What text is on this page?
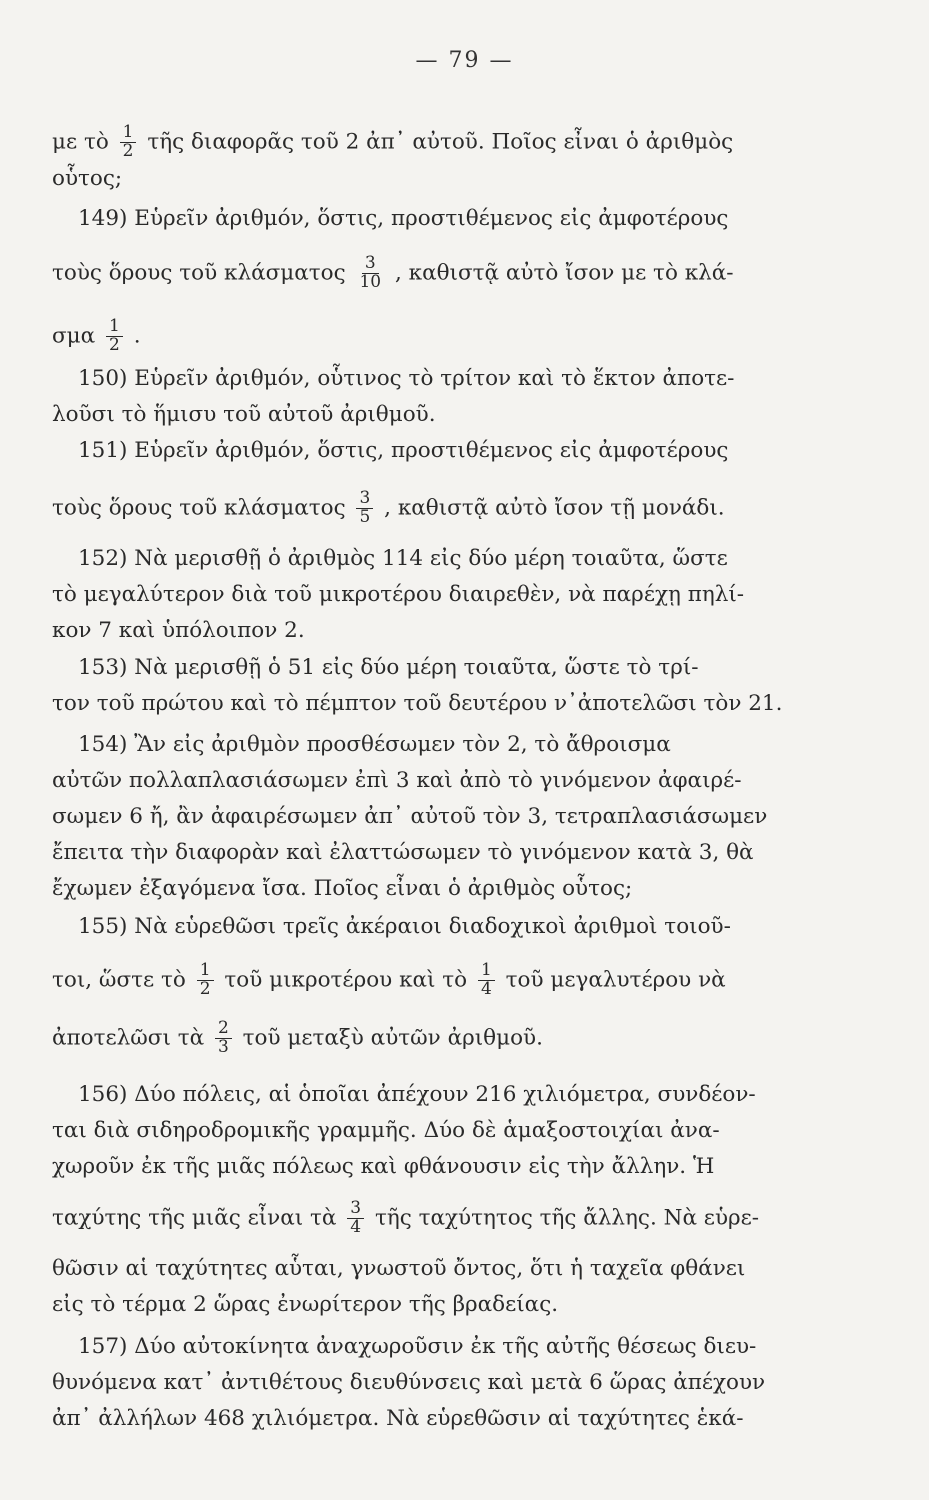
— 79 —
με τὸ $\frac{1}{2}$ τῆς διαφορᾶς τοῦ 2 ἀπ᾽ αὐτοῦ. Ποῖος εἶναι ὁ ἀριθμὸς
οὗτος;
149) Εὑρεῖν ἀριθμόν, ὅστις, προστιθέμενος εἰς ἀμφοτέρους
τοὺς ὅρους τοῦ κλάσματος $\frac{3}{10}$ , καθιστᾷ αὐτὸ ἴσον με τὸ κλά-
σμα $\frac{1}{2}$ .
150) Εὑρεῖν ἀριθμόν, οὗτινος τὸ τρίτον καὶ τὸ ἕκτον ἀποτε-
λοῦσι τὸ ἥμισυ τοῦ αὐτοῦ ἀριθμοῦ.
151) Εὑρεῖν ἀριθμόν, ὅστις, προστιθέμενος εἰς ἀμφοτέρους
τοὺς ὅρους τοῦ κλάσματος $\frac{3}{5}$ , καθιστᾷ αὐτὸ ἴσον τῇ μονάδι.
152) Νὰ μερισθῇ ὁ ἀριθμὸς 114 εἰς δύο μέρη τοιαῦτα, ὥστε
τὸ μεγαλύτερον διὰ τοῦ μικροτέρου διαιρεθὲν, νὰ παρέχῃ πηλί-
κον 7 καὶ ὑπόλοιπον 2.
153) Νὰ μερισθῇ ὁ 51 εἰς δύο μέρη τοιαῦτα, ὥστε τὸ τρί-
τον τοῦ πρώτου καὶ τὸ πέμπτον τοῦ δευτέρου ν᾽ἀποτελῶσι τὸν 21.
154) Ἂν εἰς ἀριθμὸν προσθέσωμεν τὸν 2, τὸ ἄθροισμα
αὐτῶν πολλαπλασιάσωμεν ἐπὶ 3 καὶ ἀπὸ τὸ γινόμενον ἀφαιρέ-
σωμεν 6 ἤ, ἂν ἀφαιρέσωμεν ἀπ᾽ αὐτοῦ τὸν 3, τετραπλασιάσωμεν
ἔπειτα τὴν διαφορὰν καὶ ἐλαττώσωμεν τὸ γινόμενον κατὰ 3, θὰ
ἔχωμεν ἐξαγόμενα ἴσα. Ποῖος εἶναι ὁ ἀριθμὸς οὗτος;
155) Νὰ εὑρεθῶσι τρεῖς ἀκέραιοι διαδοχικοὶ ἀριθμοὶ τοιοῦ-
τοι, ὥστε τὸ $\frac{1}{2}$ τοῦ μικροτέρου καὶ τὸ $\frac{1}{4}$ τοῦ μεγαλυτέρου νὰ
ἀποτελῶσι τὰ $\frac{2}{3}$ τοῦ μεταξὺ αὐτῶν ἀριθμοῦ.
156) Δύο πόλεις, αἱ ὁποῖαι ἀπέχουν 216 χιλιόμετρα, συνδέον-
ται διὰ σιδηροδρομικῆς γραμμῆς. Δύο δὲ ἁμαξοστοιχίαι ἀνα-
χωροῦν ἐκ τῆς μιᾶς πόλεως καὶ φθάνουσιν εἰς τὴν ἄλλην. Ἡ
ταχύτης τῆς μιᾶς εἶναι τὰ $\frac{3}{4}$ τῆς ταχύτητος τῆς ἄλλης. Νὰ εὑρε-
θῶσιν αἱ ταχύτητες αὗται, γνωστοῦ ὄντος, ὅτι ἡ ταχεῖα φθάνει
εἰς τὸ τέρμα 2 ὥρας ἐνωρίτερον τῆς βραδείας.
157) Δύο αὐτοκίνητα ἀναχωροῦσιν ἐκ τῆς αὐτῆς θέσεως διευ-
θυνόμενα κατ᾽ ἀντιθέτους διευθύνσεις καὶ μετὰ 6 ὥρας ἀπέχουν
ἀπ᾽ ἀλλήλων 468 χιλιόμετρα. Νὰ εὑρεθῶσιν αἱ ταχύτητες ἑκά-
